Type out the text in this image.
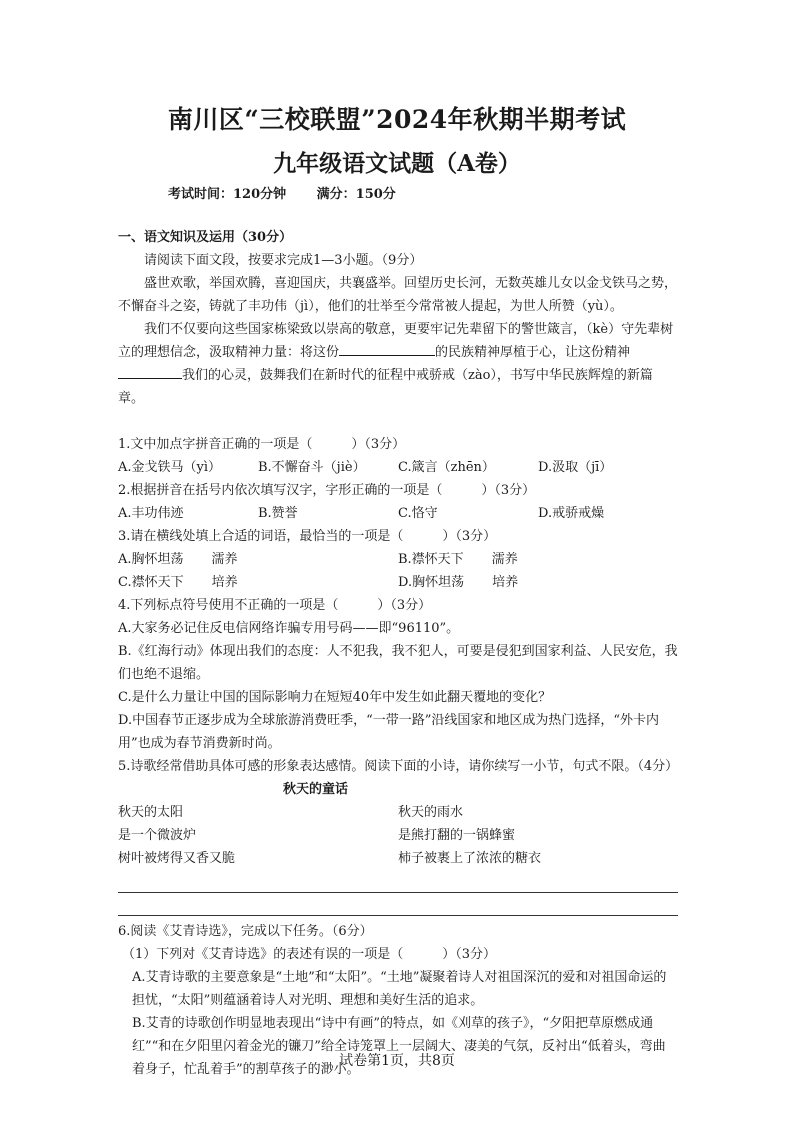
南川区“三校联盟”2024年秋期半期考试
九年级语文试题（A卷）
考试时间：120分钟 满分：150分

一、语文知识及运用（30分）

请阅读下面文段，按要求完成1—3小题。（9分）

盛世欢歌，举国欢腾，喜迎国庆，共襄盛举。回望历史长河，无数英雄儿女以金戈铁马之势，不懈奋斗之姿，铸就了丰功伟（jì），他们的壮举至今常常被人提起，为世人所赞（yù）。

我们不仅要向这些国家栋梁致以崇高的敬意，更要牢记先辈留下的警世箴言，（kè）守先辈树立的理想信念，汲取精神力量：将这份	的民族精神厚植于心，让这份精神我们的心灵，鼓舞我们在新时代的征程中戒骄戒（zào），书写中华民族辉煌的新篇章。

1.文中加点字拼音正确的一项是（　　　）（3分）

A.金戈铁马（yì）	B.不懈奋斗（jiè）	C.箴言（zhēn）	D.汲取（jī）

2.根据拼音在括号内依次填写汉字，字形正确的一项是（　　　）（3分）

A.丰功伟迹	B.赞誉	C.恪守	D.戒骄戒燥

3.请在横线处填上合适的词语，最恰当的一项是（　　　）（3分）

A.胸怀坦荡 濡养	B.襟怀天下 濡养
C.襟怀天下 培养	D.胸怀坦荡 培养

4.下列标点符号使用不正确的一项是（　　　）（3分）

A.大家务必记住反电信网络诈骗专用号码——即“96110”。

B.《红海行动》体现出我们的态度：人不犯我，我不犯人，可要是侵犯到国家利益、人民安危，我们也绝不退缩。

C.是什么力量让中国的国际影响力在短短40年中发生如此翻天覆地的变化？

D.中国春节正逐步成为全球旅游消费旺季，“一带一路”沿线国家和地区成为热门选择，“外卡内用”也成为春节消费新时尚。

5.诗歌经常借助具体可感的形象表达感情。阅读下面的小诗，请你续写一小节，句式不限。（4分）

秋天的童话

秋天的太阳

是一个微波炉

树叶被烤得又香又脆

秋天的雨水

是熊打翻的一锅蜂蜜

柿子被裹上了浓浓的糖衣

6.阅读《艾青诗选》，完成以下任务。（6分）

（1）下列对《艾青诗选》的表述有误的一项是（　　　）（3分）

A.艾青诗歌的主要意象是“土地”和“太阳”。“土地”凝聚着诗人对祖国深沉的爱和对祖国命运的担忧，“太阳”则蕴涵着诗人对光明、理想和美好生活的追求。

B.艾青的诗歌创作明显地表现出“诗中有画”的特点，如《刈草的孩子》，“夕阳把草原燃成通红”“和在夕阳里闪着金光的镰刀”给全诗笼罩上一层阔大、凄美的气氛，反衬出“低着头，弯曲着身子，忙乱着手”的割草孩子的渺小。

试卷第1页，共8页
